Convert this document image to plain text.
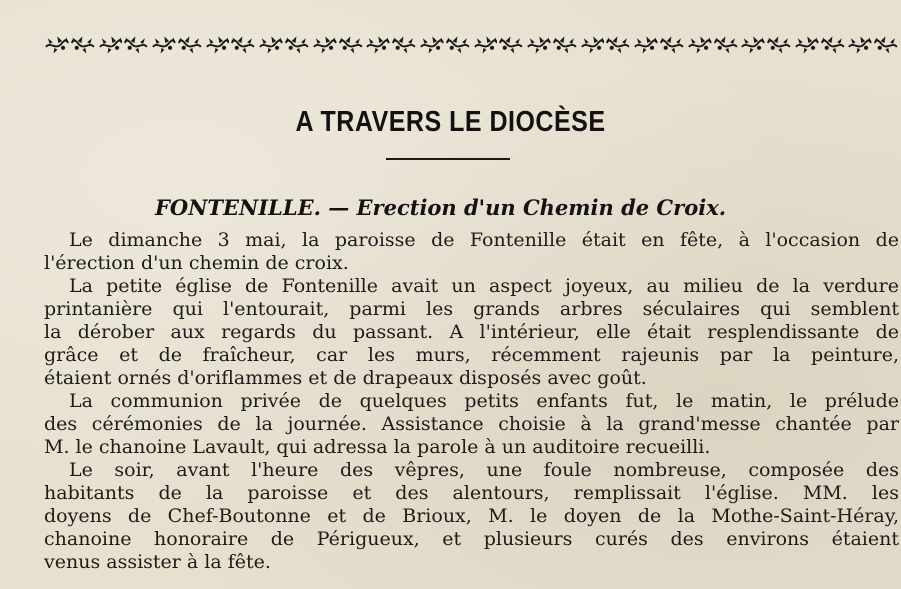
A TRAVERS LE DIOCÈSE
FONTENILLE. — Erection d'un Chemin de Croix.
Le dimanche 3 mai, la paroisse de Fontenille était en fête, à l'occasion de
l'érection d'un chemin de croix.
La petite église de Fontenille avait un aspect joyeux, au milieu de la verdure
printanière qui l'entourait, parmi les grands arbres séculaires qui semblent
la dérober aux regards du passant. A l'intérieur, elle était resplendissante de
grâce et de fraîcheur, car les murs, récemment rajeunis par la peinture,
étaient ornés d'oriflammes et de drapeaux disposés avec goût.
La communion privée de quelques petits enfants fut, le matin, le prélude
des cérémonies de la journée. Assistance choisie à la grand'messe chantée par
M. le chanoine Lavault, qui adressa la parole à un auditoire recueilli.
Le soir, avant l'heure des vêpres, une foule nombreuse, composée des
habitants de la paroisse et des alentours, remplissait l'église. MM. les
doyens de Chef-Boutonne et de Brioux, M. le doyen de la Mothe-Saint-Héray,
chanoine honoraire de Périgueux, et plusieurs curés des environs étaient
venus assister à la fête.
